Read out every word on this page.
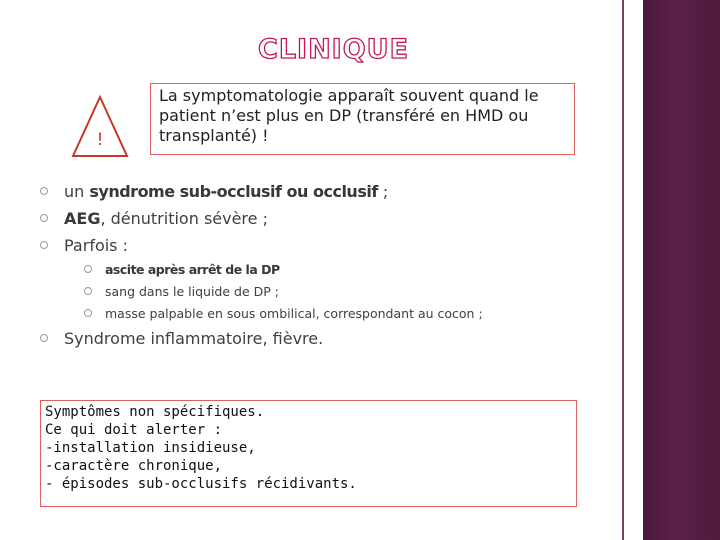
CLINIQUE
!
La symptomatologie apparaît souvent quand le
patient n’est plus en DP (transféré en HMD ou
transplanté) !
un syndrome sub-occlusif ou occlusif ;
AEG, dénutrition sévère ;
Parfois :
ascite après arrêt de la DP
sang dans le liquide de DP ;
masse palpable en sous ombilical, correspondant au cocon ;
Syndrome inflammatoire, fièvre.
Symptômes non spécifiques.
Ce qui doit alerter :
-installation insidieuse,
-caractère chronique,
- épisodes sub-occlusifs récidivants.
